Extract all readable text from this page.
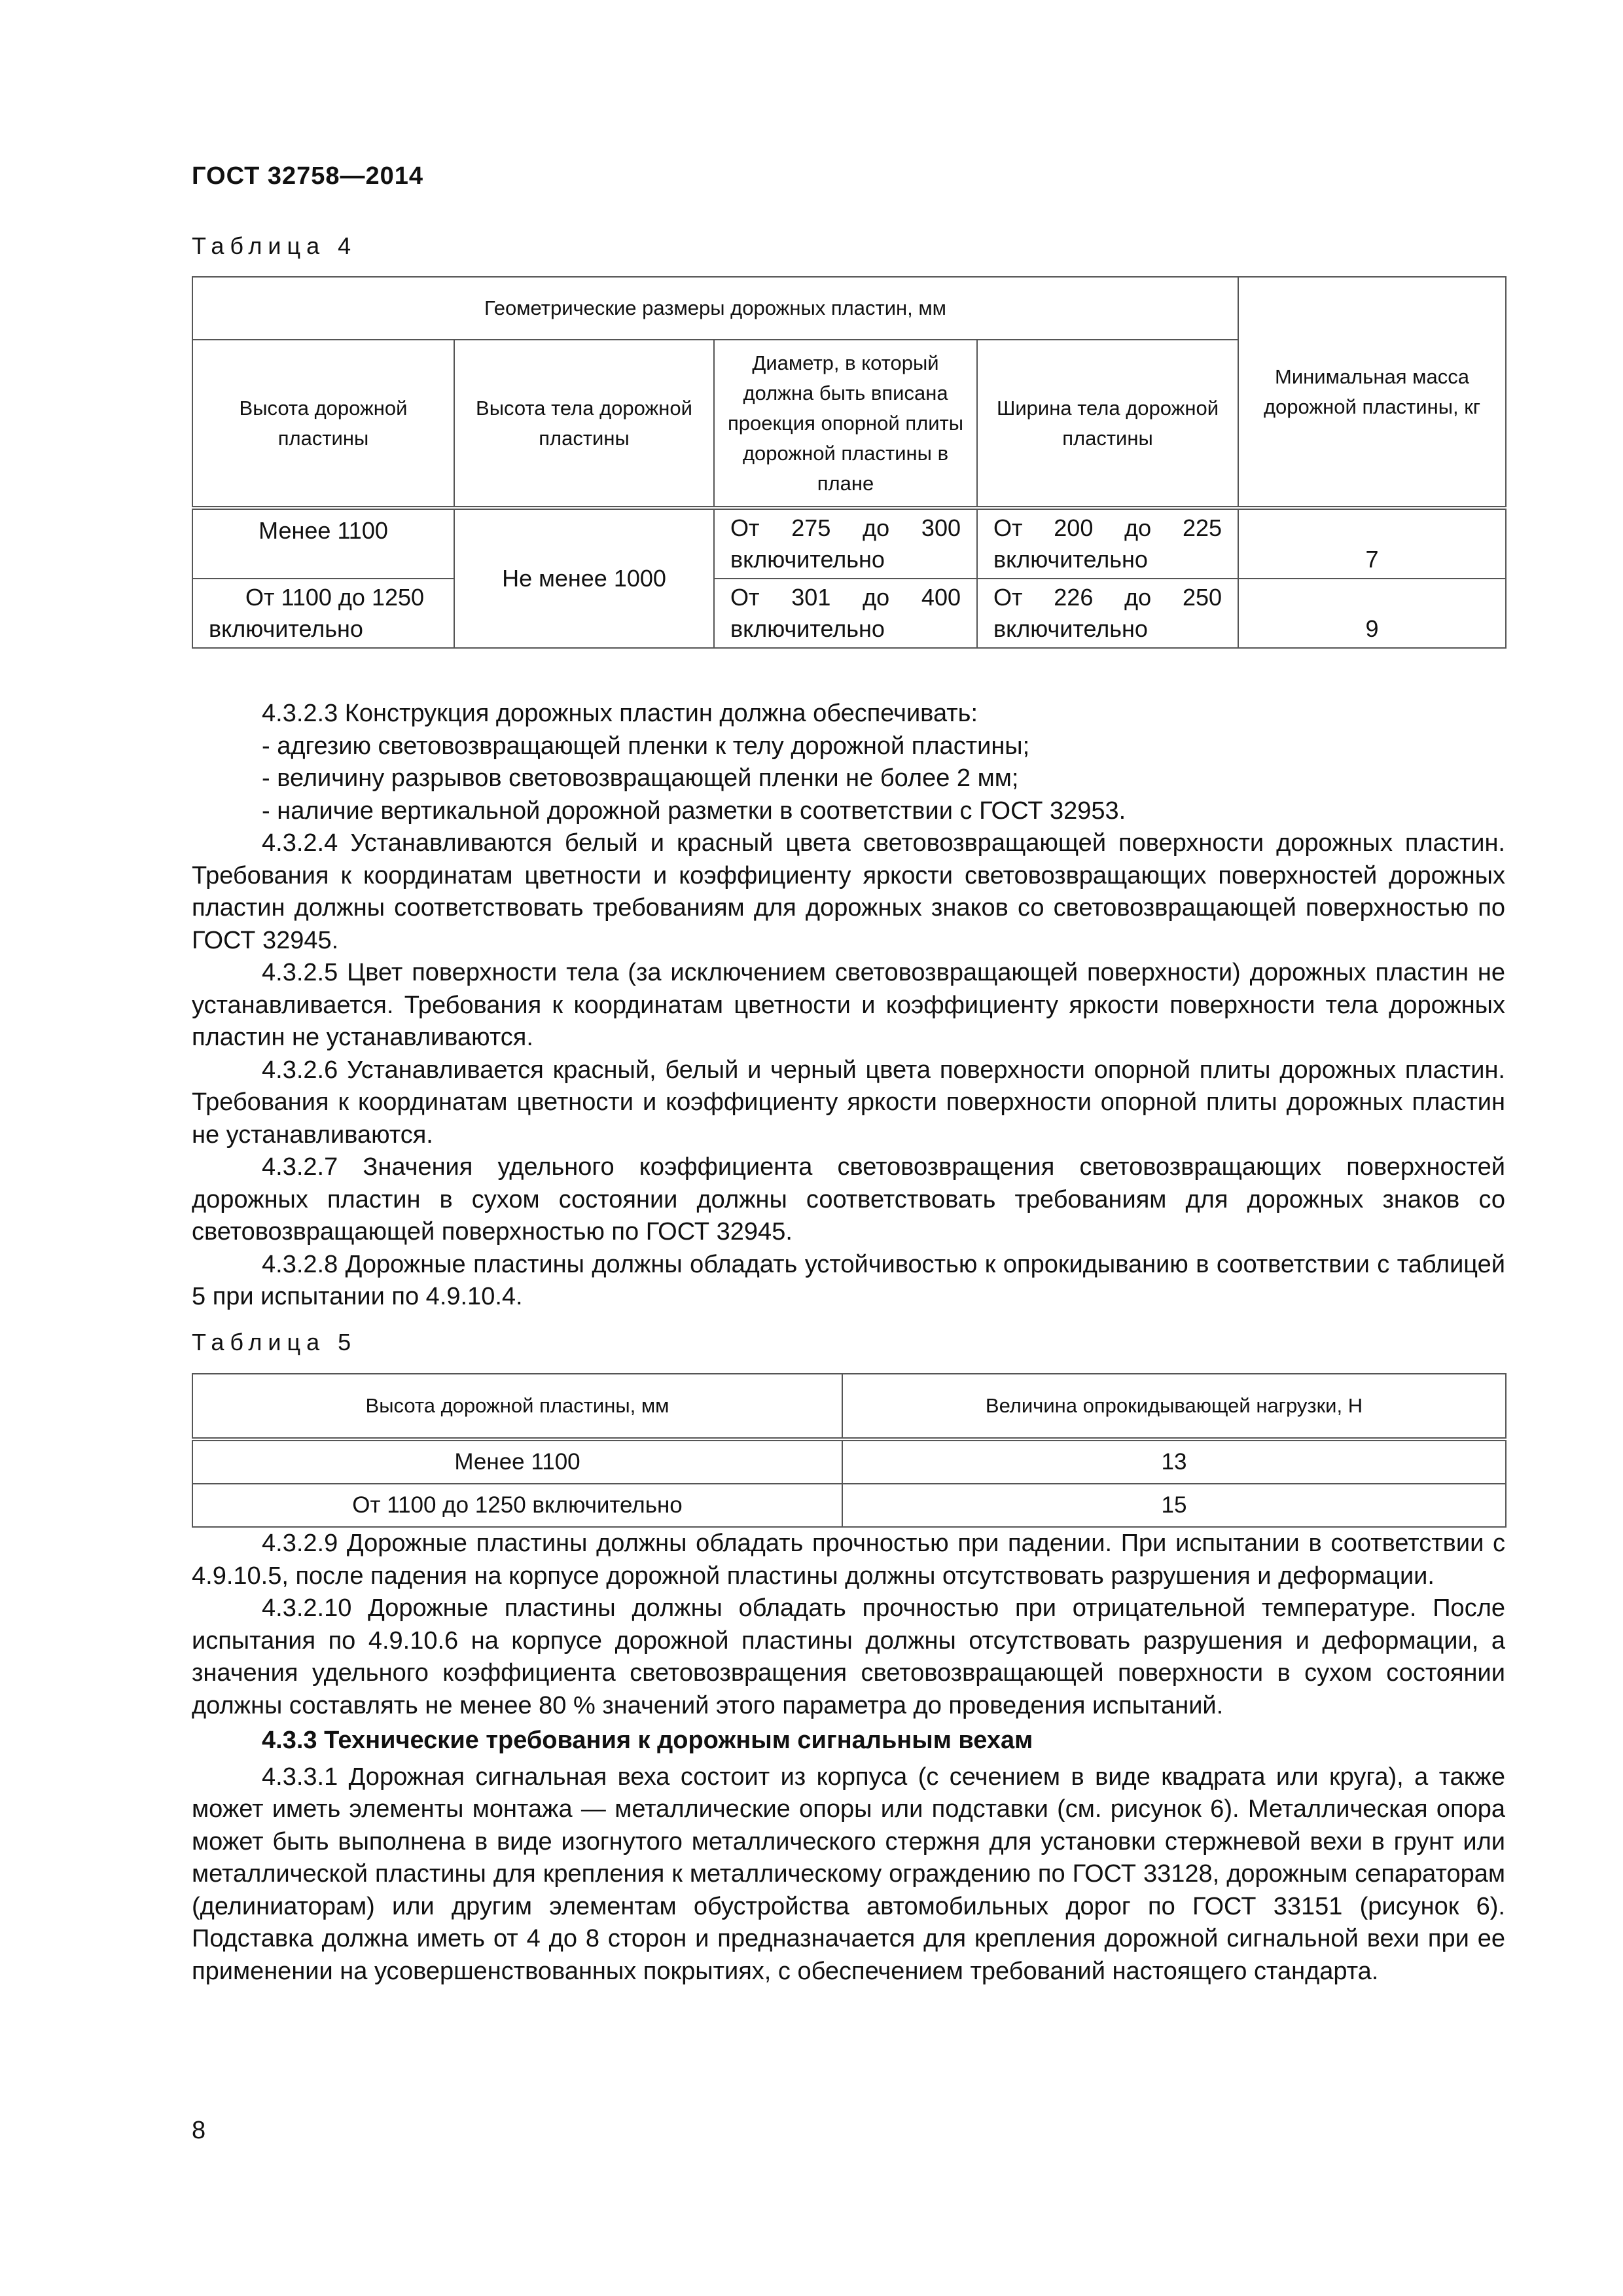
ГОСТ 32758—2014
Таблица 4
Геометрические размеры дорожных пластин, мм				Минимальная масса дорожной пластины, кг
Высота дорожной пластины	Высота тела дорожной пластины	Диаметр, в который должна быть вписана проекция опорной плиты дорожной пластины в плане	Ширина тела дорожной пластины	
Менее 1100	Не менее 1000	От 275 до 300 включительно	От 200 до 225 включительно	7

От 1100 до 1250 включительно		От 301 до 400 включительно	От 226 до 250 включительно	9

4.3.2.3 Конструкция дорожных пластин должна обеспечивать:

- адгезию световозвращающей пленки к телу дорожной пластины;

- величину разрывов световозвращающей пленки не более 2 мм;

- наличие вертикальной дорожной разметки в соответствии с ГОСТ 32953.

4.3.2.4 Устанавливаются белый и красный цвета световозвращающей поверхности дорожных пластин. Требования к координатам цветности и коэффициенту яркости световозвращающих поверхностей дорожных пластин должны соответствовать требованиям для дорожных знаков со световозвращающей поверхностью по ГОСТ 32945.

4.3.2.5 Цвет поверхности тела (за исключением световозвращающей поверхности) дорожных пластин не устанавливается. Требования к координатам цветности и коэффициенту яркости поверхности тела дорожных пластин не устанавливаются.

4.3.2.6 Устанавливается красный, белый и черный цвета поверхности опорной плиты дорожных пластин. Требования к координатам цветности и коэффициенту яркости поверхности опорной плиты дорожных пластин не устанавливаются.

4.3.2.7 Значения удельного коэффициента световозвращения световозвращающих поверхностей дорожных пластин в сухом состоянии должны соответствовать требованиям для дорожных знаков со световозвращающей поверхностью по ГОСТ 32945.

4.3.2.8 Дорожные пластины должны обладать устойчивостью к опрокидыванию в соответствии с таблицей 5 при испытании по 4.9.10.4.

Таблица 5
Высота дорожной пластины, мм	Величина опрокидывающей нагрузки, Н
Менее 1100	13
От 1100 до 1250 включительно	15

4.3.2.9 Дорожные пластины должны обладать прочностью при падении. При испытании в соответствии с 4.9.10.5, после падения на корпусе дорожной пластины должны отсутствовать разрушения и деформации.

4.3.2.10 Дорожные пластины должны обладать прочностью при отрицательной температуре. После испытания по 4.9.10.6 на корпусе дорожной пластины должны отсутствовать разрушения и деформации, а значения удельного коэффициента световозвращения световозвращающей поверхности в сухом состоянии должны составлять не менее 80 % значений этого параметра до проведения испытаний.

4.3.3 Технические требования к дорожным сигнальным вехам

4.3.3.1 Дорожная сигнальная веха состоит из корпуса (с сечением в виде квадрата или круга), а также может иметь элементы монтажа — металлические опоры или подставки (см. рисунок 6). Металлическая опора может быть выполнена в виде изогнутого металлического стержня для установки стержневой вехи в грунт или металлической пластины для крепления к металлическому ограждению по ГОСТ 33128, дорожным сепараторам (делиниаторам) или другим элементам обустройства автомобильных дорог по ГОСТ 33151 (рисунок 6). Подставка должна иметь от 4 до 8 сторон и предназначается для крепления дорожной сигнальной вехи при ее применении на усовершенствованных покрытиях, с обеспечением требований настоящего стандарта.

8
